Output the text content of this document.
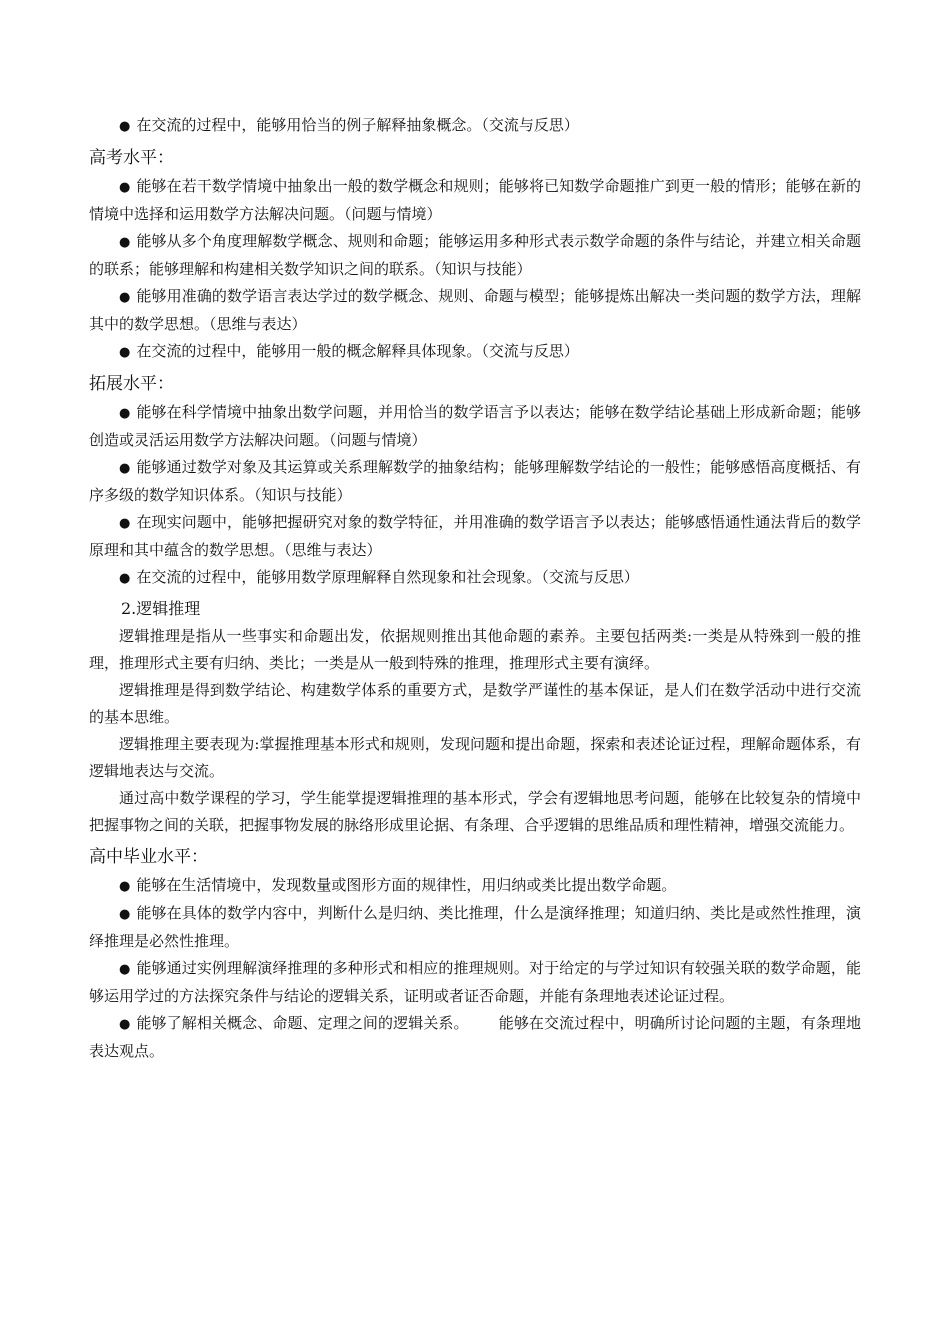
● 在交流的过程中，能够用恰当的例子解释抽象概念。（交流与反思）

高考水平：

● 能够在若干数学情境中抽象出一般的数学概念和规则；能够将已知数学命题推广到更一般的情形；能够在新的情境中选择和运用数学方法解决问题。（问题与情境）

● 能够从多个角度理解数学概念、规则和命题；能够运用多种形式表示数学命题的条件与结论，并建立相关命题的联系；能够理解和构建相关数学知识之间的联系。（知识与技能）

● 能够用准确的数学语言表达学过的数学概念、规则、命题与模型；能够提炼出解决一类问题的数学方法，理解其中的数学思想。（思维与表达）

● 在交流的过程中，能够用一般的概念解释具体现象。（交流与反思）

拓展水平：

● 能够在科学情境中抽象出数学问题，并用恰当的数学语言予以表达；能够在数学结论基础上形成新命题；能够创造或灵活运用数学方法解决问题。（问题与情境）

● 能够通过数学对象及其运算或关系理解数学的抽象结构；能够理解数学结论的一般性；能够感悟高度概括、有序多级的数学知识体系。（知识与技能）

● 在现实问题中，能够把握研究对象的数学特征，并用准确的数学语言予以表达；能够感悟通性通法背后的数学原理和其中蕴含的数学思想。（思维与表达）

● 在交流的过程中，能够用数学原理解释自然现象和社会现象。（交流与反思）

2.逻辑推理

逻辑推理是指从一些事实和命题出发，依据规则推出其他命题的素养。主要包括两类:一类是从特殊到一般的推理，推理形式主要有归纳、类比；一类是从一般到特殊的推理，推理形式主要有演绎。

逻辑推理是得到数学结论、构建数学体系的重要方式，是数学严谨性的基本保证，是人们在数学活动中进行交流的基本思维。

逻辑推理主要表现为:掌握推理基本形式和规则，发现问题和提出命题，探索和表述论证过程，理解命题体系，有逻辑地表达与交流。

通过高中数学课程的学习，学生能掌提逻辑推理的基本形式，学会有逻辑地思考问题，能够在比较复杂的情境中把握事物之间的关联，把握事物发展的脉络形成里论据、有条理、合乎逻辑的思维品质和理性精神，增强交流能力。

高中毕业水平：

● 能够在生活情境中，发现数量或图形方面的规律性，用归纳或类比提出数学命题。

● 能够在具体的数学内容中，判断什么是归纳、类比推理，什么是演绎推理；知道归纳、类比是或然性推理，演绎推理是必然性推理。

● 能够通过实例理解演绎推理的多种形式和相应的推理规则。对于给定的与学过知识有较强关联的数学命题，能够运用学过的方法探究条件与结论的逻辑关系，证明或者证否命题，并能有条理地表述论证过程。

● 能够了解相关概念、命题、定理之间的逻辑关系。 能够在交流过程中，明确所讨论问题的主题，有条理地表达观点。
